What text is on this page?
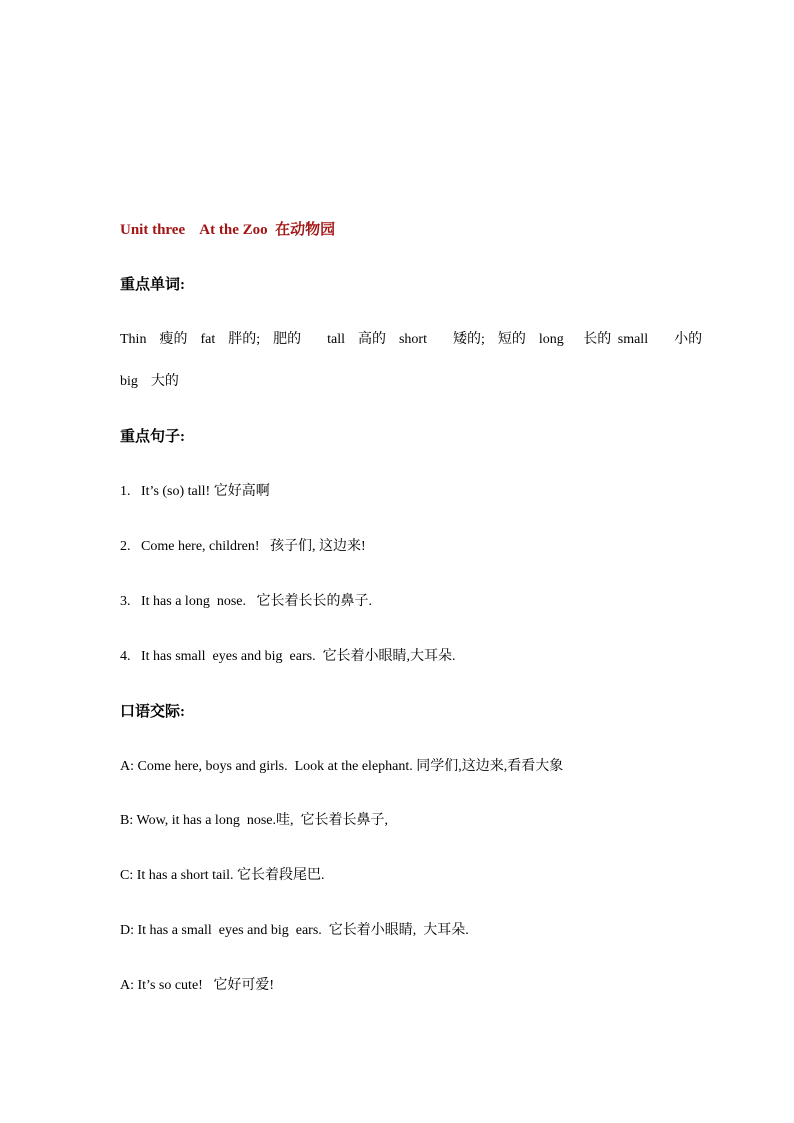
Unit three    At the Zoo  在动物园
重点单词:
Thin  瘦的  fat  胖的;  肥的    tall  高的  short    矮的;  短的  long   长的 small    小的
big  大的
重点句子:
1.   It’s (so) tall! 它好高啊
2.   Come here, children!   孩子们, 这边来!
3.   It has a long  nose.   它长着长长的鼻子.
4.   It has small  eyes and big  ears.  它长着小眼睛,大耳朵.
口语交际:
A: Come here, boys and girls.  Look at the elephant. 同学们,这边来,看看大象
B: Wow, it has a long  nose.哇,  它长着长鼻子,
C: It has a short tail. 它长着段尾巴.
D: It has a small  eyes and big  ears.  它长着小眼睛,  大耳朵.
A: It’s so cute!   它好可爱!
